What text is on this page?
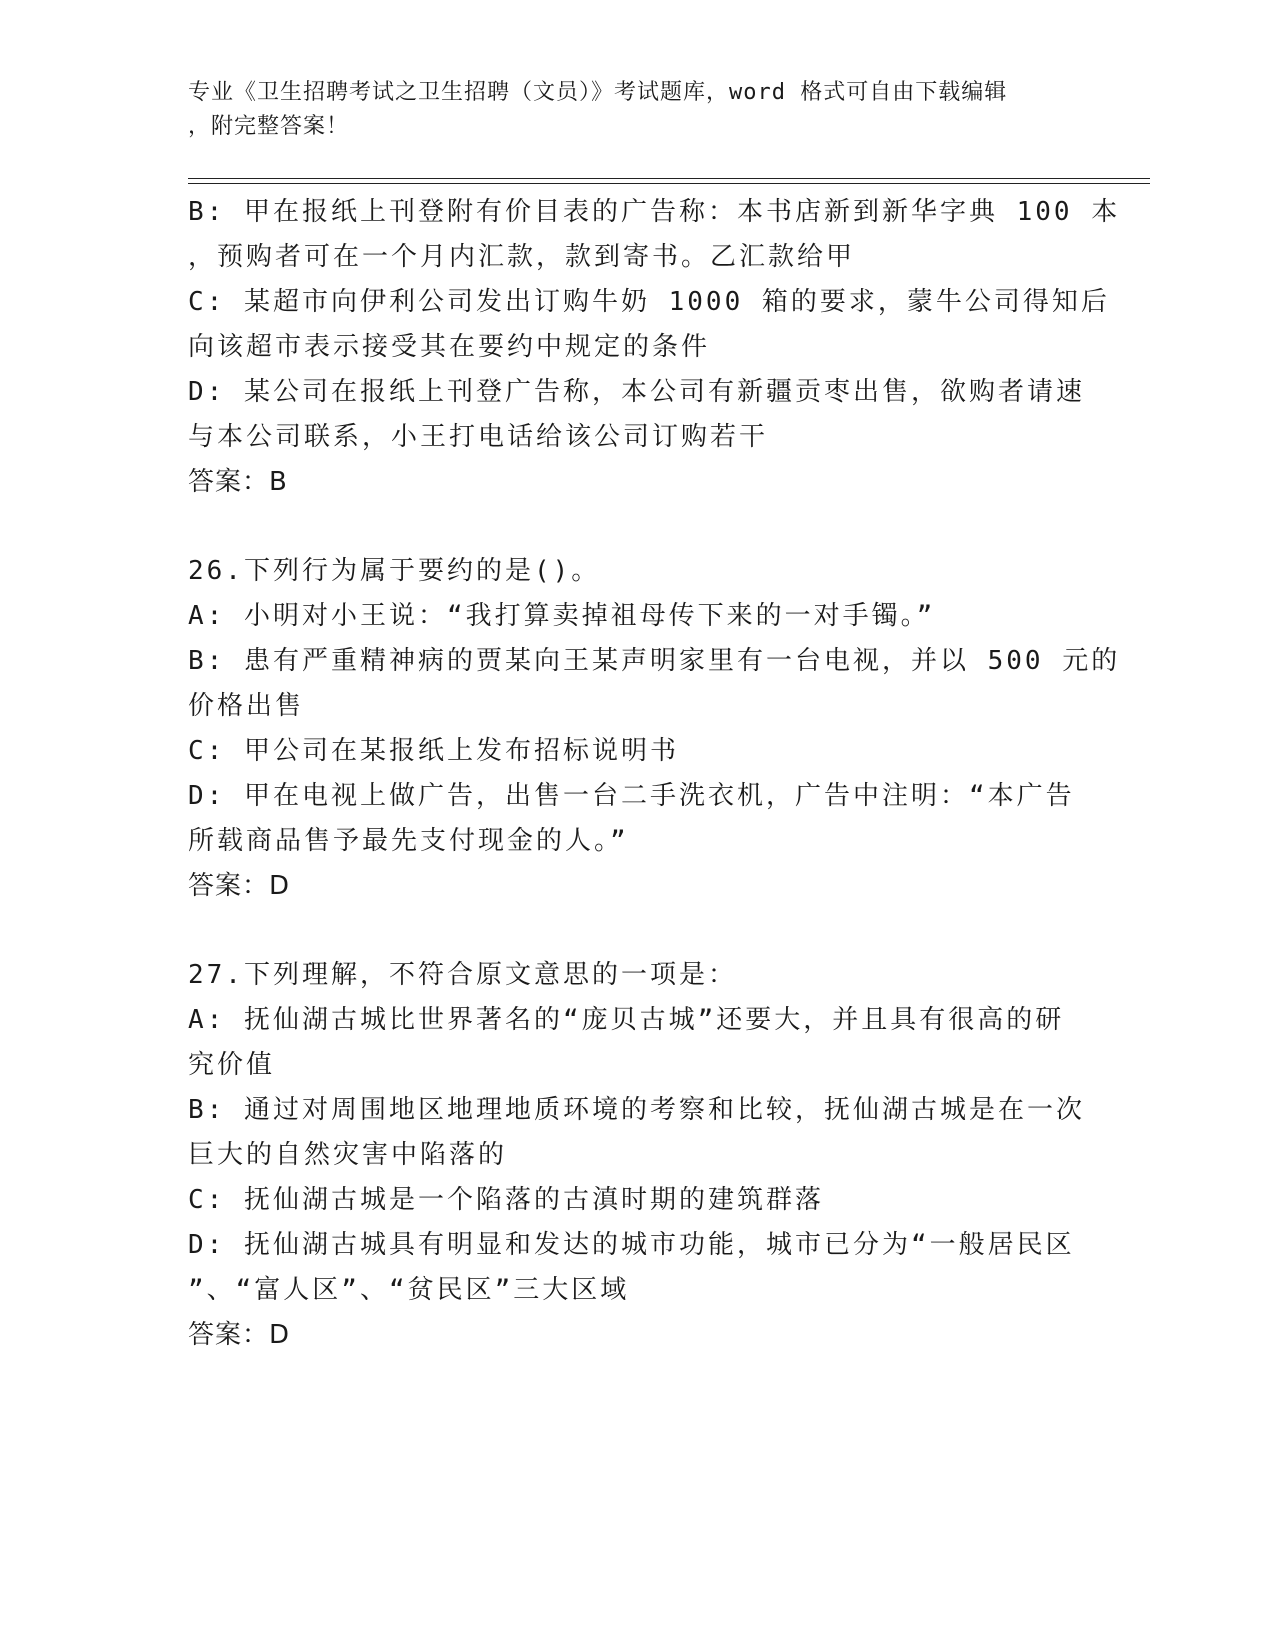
专业《卫生招聘考试之卫生招聘（文员）》考试题库，word 格式可自由下载编辑
，附完整答案！
B: 甲在报纸上刊登附有价目表的广告称：本书店新到新华字典 100 本
，预购者可在一个月内汇款，款到寄书。乙汇款给甲
C: 某超市向伊利公司发出订购牛奶 1000 箱的要求，蒙牛公司得知后
向该超市表示接受其在要约中规定的条件
D: 某公司在报纸上刊登广告称，本公司有新疆贡枣出售，欲购者请速
与本公司联系，小王打电话给该公司订购若干
答案：B
26.下列行为属于要约的是()。
A: 小明对小王说：“我打算卖掉祖母传下来的一对手镯。”
B: 患有严重精神病的贾某向王某声明家里有一台电视，并以 500 元的
价格出售
C: 甲公司在某报纸上发布招标说明书
D: 甲在电视上做广告，出售一台二手洗衣机，广告中注明：“本广告
所载商品售予最先支付现金的人。”
答案：D
27.下列理解，不符合原文意思的一项是：
A: 抚仙湖古城比世界著名的“庞贝古城”还要大，并且具有很高的研
究价值
B: 通过对周围地区地理地质环境的考察和比较，抚仙湖古城是在一次
巨大的自然灾害中陷落的
C: 抚仙湖古城是一个陷落的古滇时期的建筑群落
D: 抚仙湖古城具有明显和发达的城市功能，城市已分为“一般居民区
”、“富人区”、“贫民区”三大区域
答案：D
